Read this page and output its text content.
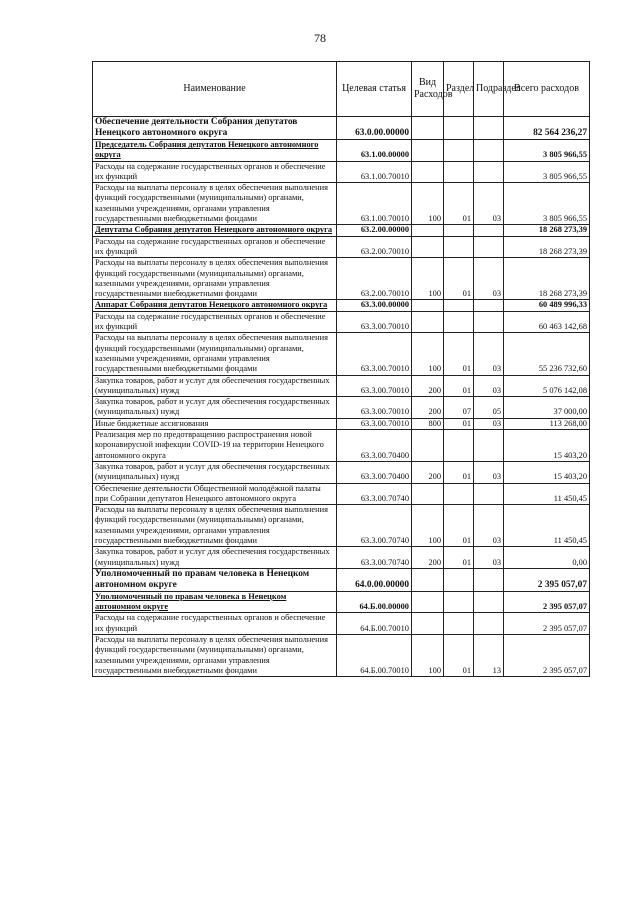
78
Наименование	Целевая статья	Вид Расходов	Раздел	Подраздел	Всего расходов
Обеспечение деятельности Собрания депутатов Ненецкого автономного округа	63.0.00.00000				82 564 236,27
Председатель Собрания депутатов Ненецкого автономного округа	63.1.00.00000				3 805 966,55
Расходы на содержание государственных органов и обеспечение их функций	63.1.00.70010				3 805 966,55
Расходы на выплаты персоналу в целях обеспечения выполнения функций государственными (муниципальными) органами, казенными учреждениями, органами управления государственными внебюджетными фондами	63.1.00.70010	100	01	03	3 805 966,55
Депутаты Собрания депутатов Ненецкого автономного округа	63.2.00.00000				18 268 273,39
Расходы на содержание государственных органов и обеспечение их функций	63.2.00.70010				18 268 273,39
Расходы на выплаты персоналу в целях обеспечения выполнения функций государственными (муниципальными) органами, казенными учреждениями, органами управления государственными внебюджетными фондами	63.2.00.70010	100	01	03	18 268 273,39
Аппарат Собрания депутатов Ненецкого автономного округа	63.3.00.00000				60 489 996,33
Расходы на содержание государственных органов и обеспечение их функций	63.3.00.70010				60 463 142,68
Расходы на выплаты персоналу в целях обеспечения выполнения функций государственными (муниципальными) органами, казенными учреждениями, органами управления государственными внебюджетными фондами	63.3.00.70010	100	01	03	55 236 732,60
Закупка товаров, работ и услуг для обеспечения государственных (муниципальных) нужд	63.3.00.70010	200	01	03	5 076 142,08
Закупка товаров, работ и услуг для обеспечения государственных (муниципальных) нужд	63.3.00.70010	200	07	05	37 000,00
Иные бюджетные ассигнования	63.3.00.70010	800	01	03	113 268,00
Реализация мер по предотвращению распространения новой коронавирусной инфекции COVID-19 на территории Ненецкого автономного округа	63.3.00.70400				15 403,20
Закупка товаров, работ и услуг для обеспечения государственных (муниципальных) нужд	63.3.00.70400	200	01	03	15 403,20
Обеспечение деятельности Общественной молодёжной палаты при Собрании депутатов Ненецкого автономного округа	63.3.00.70740				11 450,45
Расходы на выплаты персоналу в целях обеспечения выполнения функций государственными (муниципальными) органами, казенными учреждениями, органами управления государственными внебюджетными фондами	63.3.00.70740	100	01	03	11 450,45
Закупка товаров, работ и услуг для обеспечения государственных (муниципальных) нужд	63.3.00.70740	200	01	03	0,00
Уполномоченный по правам человека в Ненецком автономном округе	64.0.00.00000				2 395 057,07
Уполномоченный по правам человека в Ненецком автономном округе	64.Б.00.00000				2 395 057,07
Расходы на содержание государственных органов и обеспечение их функций	64.Б.00.70010				2 395 057,07
Расходы на выплаты персоналу в целях обеспечения выполнения функций государственными (муниципальными) органами, казенными учреждениями, органами управления государственными внебюджетными фондами	64.Б.00.70010	100	01	13	2 395 057,07
